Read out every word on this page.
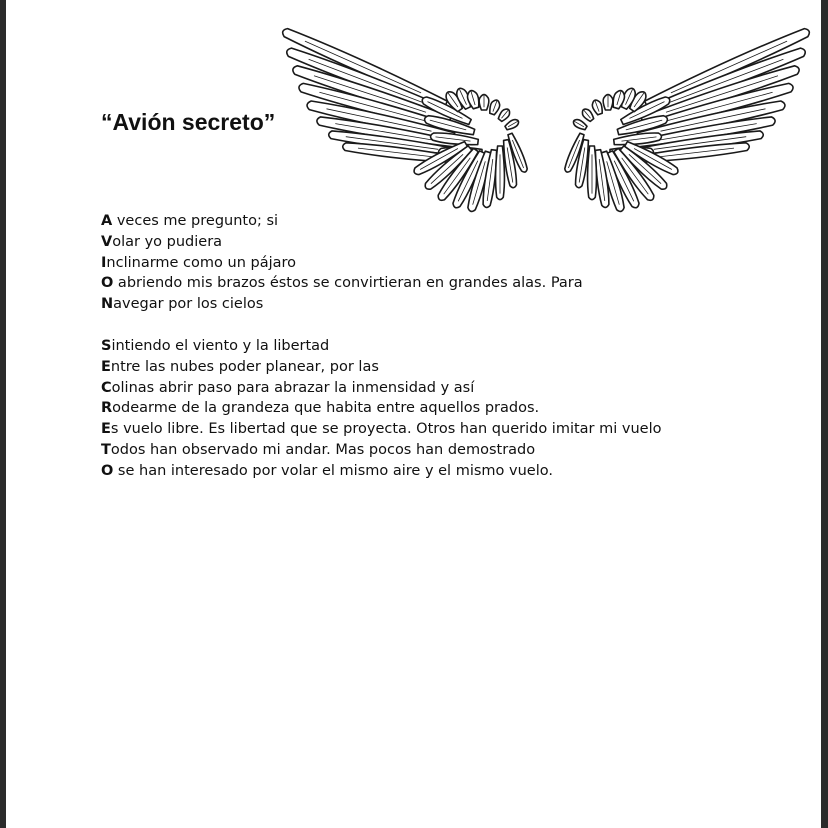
“Avión secreto”
A veces me pregunto; si
Volar yo pudiera
Inclinarme como un pájaro
O abriendo mis brazos éstos se convirtieran en grandes alas. Para
Navegar por los cielos
Sintiendo el viento y la libertad
Entre las nubes poder planear, por las
Colinas abrir paso para abrazar la inmensidad y así
Rodearme de la grandeza que habita entre aquellos prados.
Es vuelo libre. Es libertad que se proyecta. Otros han querido imitar mi vuelo
Todos han observado mi andar. Mas pocos han demostrado
O se han interesado por volar el mismo aire y el mismo vuelo.
